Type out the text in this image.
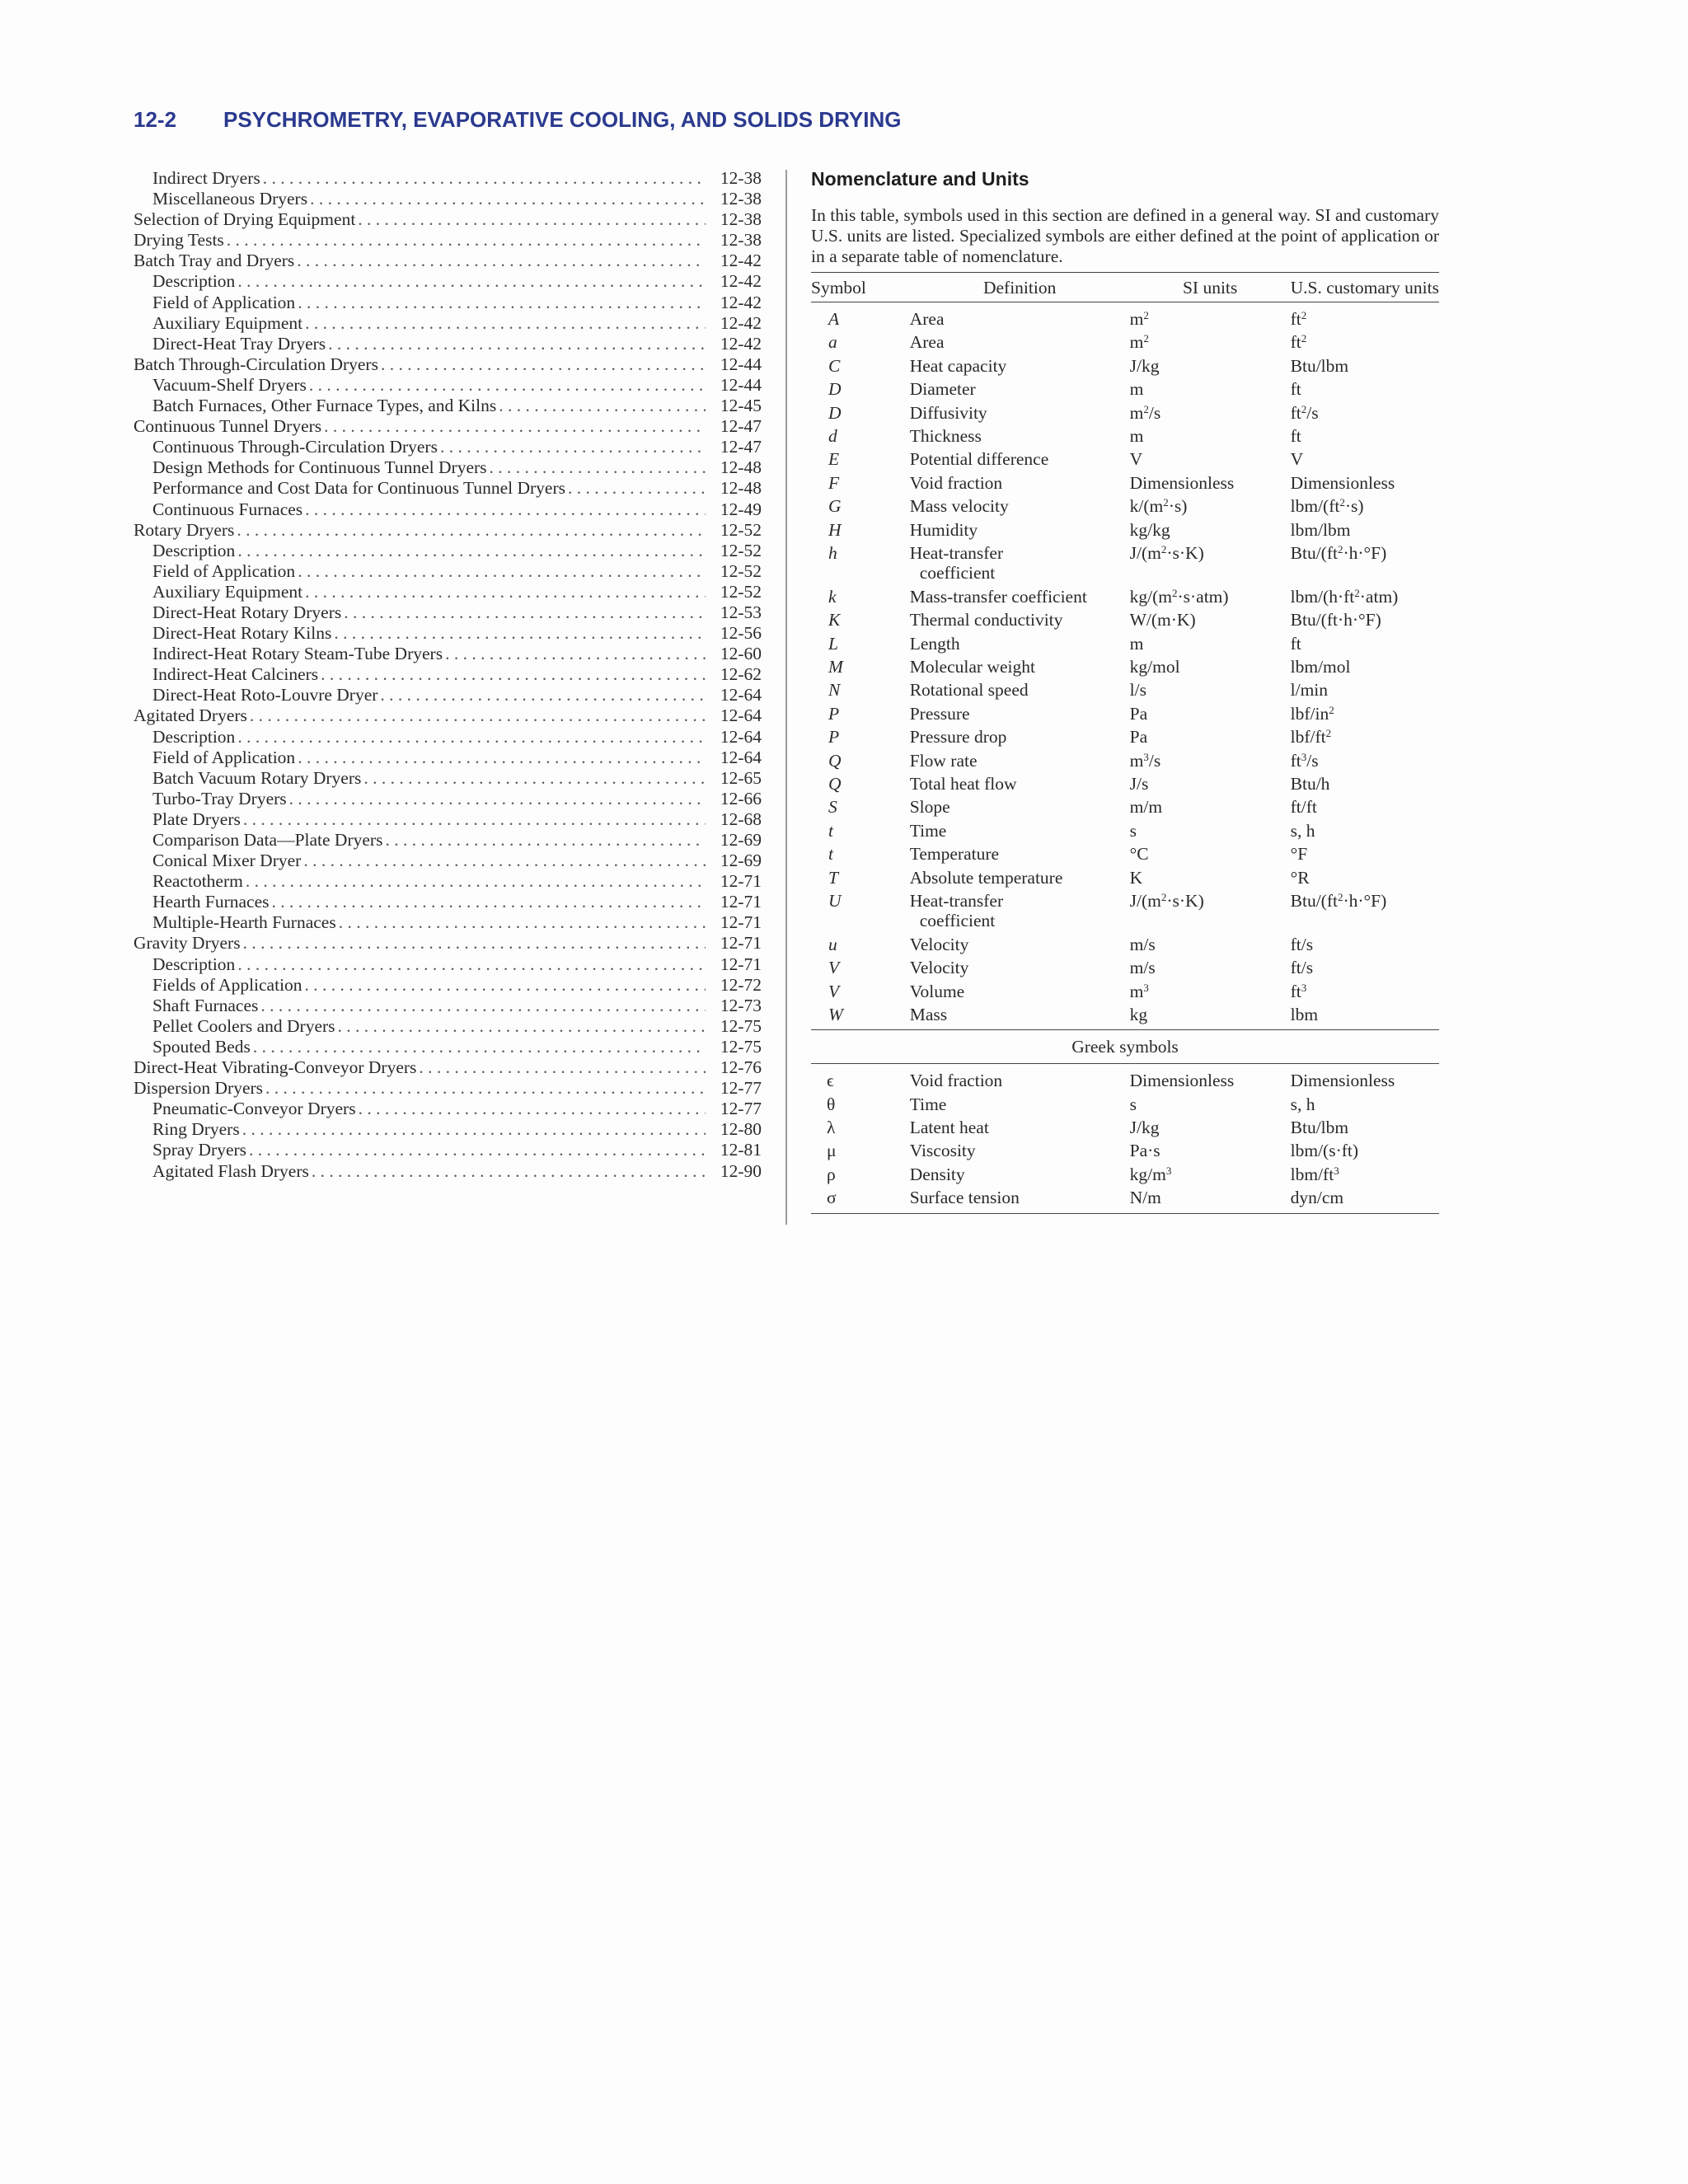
12-2 PSYCHROMETRY, EVAPORATIVE COOLING, AND SOLIDS DRYING
Indirect Dryers . . .	12-38
Miscellaneous Dryers . . .	12-38
Selection of Drying Equipment . . .	12-38
Drying Tests . . .	12-38
Batch Tray and Dryers . . .	12-42
Description . . .	12-42
Field of Application . . .	12-42
Auxiliary Equipment . . .	12-42
Direct-Heat Tray Dryers . . .	12-42
Batch Through-Circulation Dryers . . .	12-44
Vacuum-Shelf Dryers . . .	12-44
Batch Furnaces, Other Furnace Types, and Kilns . . .	12-45
Continuous Tunnel Dryers . . .	12-47
Continuous Through-Circulation Dryers . . .	12-47
Design Methods for Continuous Tunnel Dryers . . .	12-48
Performance and Cost Data for Continuous Tunnel Dryers . . .	12-48
Continuous Furnaces . . .	12-49
Rotary Dryers . . .	12-52
Description . . .	12-52
Field of Application . . .	12-52
Auxiliary Equipment . . .	12-52
Direct-Heat Rotary Dryers . . .	12-53
Direct-Heat Rotary Kilns . . .	12-56
Indirect-Heat Rotary Steam-Tube Dryers . . .	12-60
Indirect-Heat Calciners . . .	12-62
Direct-Heat Roto-Louvre Dryer . . .	12-64
Agitated Dryers . . .	12-64
Description . . .	12-64
Field of Application . . .	12-64
Batch Vacuum Rotary Dryers . . .	12-65
Turbo-Tray Dryers . . .	12-66
Plate Dryers . . .	12-68
Comparison Data—Plate Dryers . . .	12-69
Conical Mixer Dryer . . .	12-69
Reactotherm . . .	12-71
Hearth Furnaces . . .	12-71
Multiple-Hearth Furnaces . . .	12-71
Gravity Dryers . . .	12-71
Description . . .	12-71
Fields of Application . . .	12-72
Shaft Furnaces . . .	12-73
Pellet Coolers and Dryers . . .	12-75
Spouted Beds . . .	12-75
Direct-Heat Vibrating-Conveyor Dryers . . .	12-76
Dispersion Dryers . . .	12-77
Pneumatic-Conveyor Dryers . . .	12-77
Ring Dryers . . .	12-80
Spray Dryers . . .	12-81
Agitated Flash Dryers . . .	12-90
Nomenclature and Units

In this table, symbols used in this section are defined in a general way. SI and customary U.S. units are listed. Specialized symbols are either defined at the point of application or in a separate table of nomenclature.

Symbol	Definition	SI units	U.S. customary units
A	Area	$m^2$	$ft^2$
a	Area	$m^2$	$ft^2$
C	Heat capacity	J/kg	Btu/lbm
D	Diameter	m	ft
D	Diffusivity	$m^2/s$	$ft^2/s$
d	Thickness	m	ft
E	Potential difference	V	V
F	Void fraction	Dimensionless	Dimensionless
G	Mass velocity	$k/(m^2\cdot s)$	lbm/$(ft^2\cdot s)$
H	Humidity	kg/kg	lbm/lbm
h	Heat-transfer
coefficient	$J/(m^2\cdot s\cdot K)$	Btu/$(ft^2\cdot h\cdot^\circ F)$
k	Mass-transfer coefficient	$kg/(m^2\cdot s\cdot atm)$	lbm/$(h\cdot ft^2\cdot atm)$
K	Thermal conductivity	W/(m·K)	Btu/(ft·h·°F)
L	Length	m	ft
M	Molecular weight	kg/mol	lbm/mol
N	Rotational speed	l/s	l/min
P	Pressure	Pa	lbf/$in^2$
P	Pressure drop	Pa	lbf/$ft^2$
Q	Flow rate	$m^3/s$	$ft^3/s$
Q	Total heat flow	J/s	Btu/h
S	Slope	m/m	ft/ft
t	Time	s	s, h
t	Temperature	°C	°F
T	Absolute temperature	K	°R
U	Heat-transfer
coefficient	$J/(m^2\cdot s\cdot K)$	Btu/$(ft^2\cdot h\cdot^\circ F)$
u	Velocity	m/s	ft/s
V	Velocity	m/s	ft/s
V	Volume	$m^3$	$ft^3$
W	Mass	kg	lbm
Greek symbols			
ϵ	Void fraction	Dimensionless	Dimensionless
θ	Time	s	s, h
λ	Latent heat	J/kg	Btu/lbm
μ	Viscosity	Pa·s	lbm/(s·ft)
ρ	Density	$kg/m^3$	lbm/$ft^3$
σ	Surface tension	N/m	dyn/cm
